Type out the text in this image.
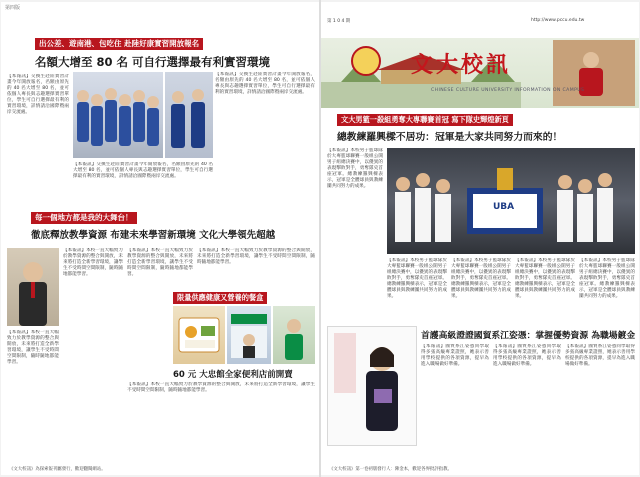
第四版
出公差、遊南港、包吃住 赴陸好康實習開放報名
名額大增至 80 名 可自行選擇最有利實習環境
【本報訊】交換生赴陸實習計畫今年開放報名，名額由原先的 40 名大增至 80 名，並可依個人專長與志趣選擇實習單位，學生可自行選擇最有利的實習環境，詳情請洽國際暨兩岸交流處。
【本報訊】交換生赴陸實習計畫今年開放報名，名額由原先的 40 名大增至 80 名，並可依個人專長與志趣選擇實習單位，學生可自行選擇最有利的實習環境，詳情請洽國際暨兩岸交流處。
【本報訊】交換生赴陸實習計畫今年開放報名，名額由原先的 40 名大增至 80 名，並可依個人專長與志趣選擇實習單位，學生可自行選擇最有利的實習環境，詳情請洽國際暨兩岸交流處。
每一個地方都是我的大舞台！
徹底釋放教學資源 布建未來學習新環境 文化大學領先超越
【本報訊】本校一直大幅致力於教學資源的整合與開放，未來將打造全新學習環境，讓學生不受時間空間限制，隨時隨地都能學習。
【本報訊】本校一直大幅致力於教學資源的整合與開放，未來將打造全新學習環境，讓學生不受時間空間限制，隨時隨地都能學習。
【本報訊】本校一直大幅致力於教學資源的整合與開放，未來將打造全新學習環境，讓學生不受時間空間限制，隨時隨地都能學習。
【本報訊】本校一直大幅致力於教學資源的整合與開放，未來將打造全新學習環境，讓學生不受時間空間限制，隨時隨地都能學習。
限量供應健康又營養的餐盒
60 元 大忠館全家便利店前開賣
【本報訊】本校一直大幅致力於教學資源的整合與開放，未來將打造全新學習環境，讓學生不受時間空間限制，隨時隨地都能學習。
《文大校訊》為探索報刊屬發行，歡迎翻閱網站。
第 1 0 4 期	http://www.pccu.edu.tw
文大校訊
CHINESE CULTURE UNIVERSITY INFORMATION ON CAMPUS
文大男籃一殺組勇奪大專聯賽首冠 寫下隊史輝煌新頁
總教練羅興樑不居功：冠軍是大家共同努力而來的！
【本報訊】本校男子籃球隊於大專籃球聯賽一般組公開男子組總決賽中，以優異的表現擊敗對手，勇奪隊史首座冠軍。總教練羅興樑表示，冠軍是全體球員與教練團共同努力的成果。
UBA
【本報訊】本校男子籃球隊於大專籃球聯賽一般組公開男子組總決賽中，以優異的表現擊敗對手，勇奪隊史首座冠軍。總教練羅興樑表示，冠軍是全體球員與教練團共同努力的成果。
【本報訊】本校男子籃球隊於大專籃球聯賽一般組公開男子組總決賽中，以優異的表現擊敗對手，勇奪隊史首座冠軍。總教練羅興樑表示，冠軍是全體球員與教練團共同努力的成果。
【本報訊】本校男子籃球隊於大專籃球聯賽一般組公開男子組總決賽中，以優異的表現擊敗對手，勇奪隊史首座冠軍。總教練羅興樑表示，冠軍是全體球員與教練團共同努力的成果。
【本報訊】本校男子籃球隊於大專籃球聯賽一般組公開男子組總決賽中，以優異的表現擊敗對手，勇奪隊史首座冠軍。總教練羅興樑表示，冠軍是全體球員與教練團共同努力的成果。
首護高級證證國貿系江姿憑：掌握優勢資源 為職場鍍金
【本報訊】國貿系江姿憑同學取得多張高級專業證照，她表示善用學校提供的各項資源，提早為進入職場做好準備。
【本報訊】國貿系江姿憑同學取得多張高級專業證照，她表示善用學校提供的各項資源，提早為進入職場做好準備。
【本報訊】國貿系江姿憑同學取得多張高級專業證照，她表示善用學校提供的各項資源，提早為進入職場做好準備。
《文大校訊》第一卷初版發行人：陳金本，歡迎各界批評指教。
